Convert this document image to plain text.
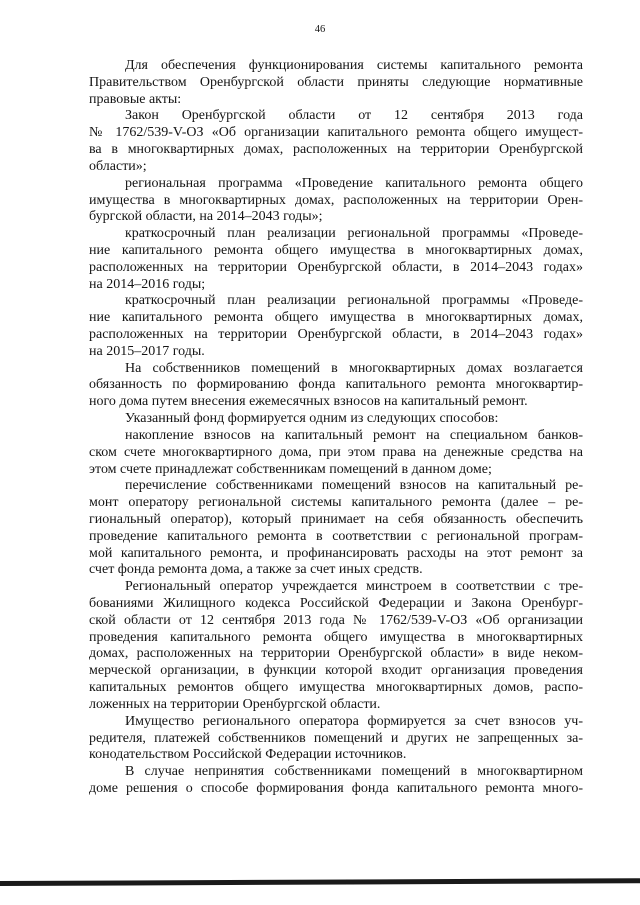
46
Для обеспечения функционирования системы капитального ремонта
Правительством Оренбургской области приняты следующие нормативные
правовые акты:
Закон Оренбургской области от 12 сентября 2013 года
№ 1762/539-V-ОЗ «Об организации капитального ремонта общего имущест-
ва в многоквартирных домах, расположенных на территории Оренбургской
области»;
региональная программа «Проведение капитального ремонта общего
имущества в многоквартирных домах, расположенных на территории Орен-
бургской области, на 2014–2043 годы»;
краткосрочный план реализации региональной программы «Проведе-
ние капитального ремонта общего имущества в многоквартирных домах,
расположенных на территории Оренбургской области, в 2014–2043 годах»
на 2014–2016 годы;
краткосрочный план реализации региональной программы «Проведе-
ние капитального ремонта общего имущества в многоквартирных домах,
расположенных на территории Оренбургской области, в 2014–2043 годах»
на 2015–2017 годы.
На собственников помещений в многоквартирных домах возлагается
обязанность по формированию фонда капитального ремонта многоквартир-
ного дома путем внесения ежемесячных взносов на капитальный ремонт.
Указанный фонд формируется одним из следующих способов:
накопление взносов на капитальный ремонт на специальном банков-
ском счете многоквартирного дома, при этом права на денежные средства на
этом счете принадлежат собственникам помещений в данном доме;
перечисление собственниками помещений взносов на капитальный ре-
монт оператору региональной системы капитального ремонта (далее – ре-
гиональный оператор), который принимает на себя обязанность обеспечить
проведение капитального ремонта в соответствии с региональной програм-
мой капитального ремонта, и профинансировать расходы на этот ремонт за
счет фонда ремонта дома, а также за счет иных средств.
Региональный оператор учреждается минстроем в соответствии с тре-
бованиями Жилищного кодекса Российской Федерации и Закона Оренбург-
ской области от 12 сентября 2013 года № 1762/539-V-ОЗ «Об организации
проведения капитального ремонта общего имущества в многоквартирных
домах, расположенных на территории Оренбургской области» в виде неком-
мерческой организации, в функции которой входит организация проведения
капитальных ремонтов общего имущества многоквартирных домов, распо-
ложенных на территории Оренбургской области.
Имущество регионального оператора формируется за счет взносов уч-
редителя, платежей собственников помещений и других не запрещенных за-
конодательством Российской Федерации источников.
В случае непринятия собственниками помещений в многоквартирном
доме решения о способе формирования фонда капитального ремонта много-
